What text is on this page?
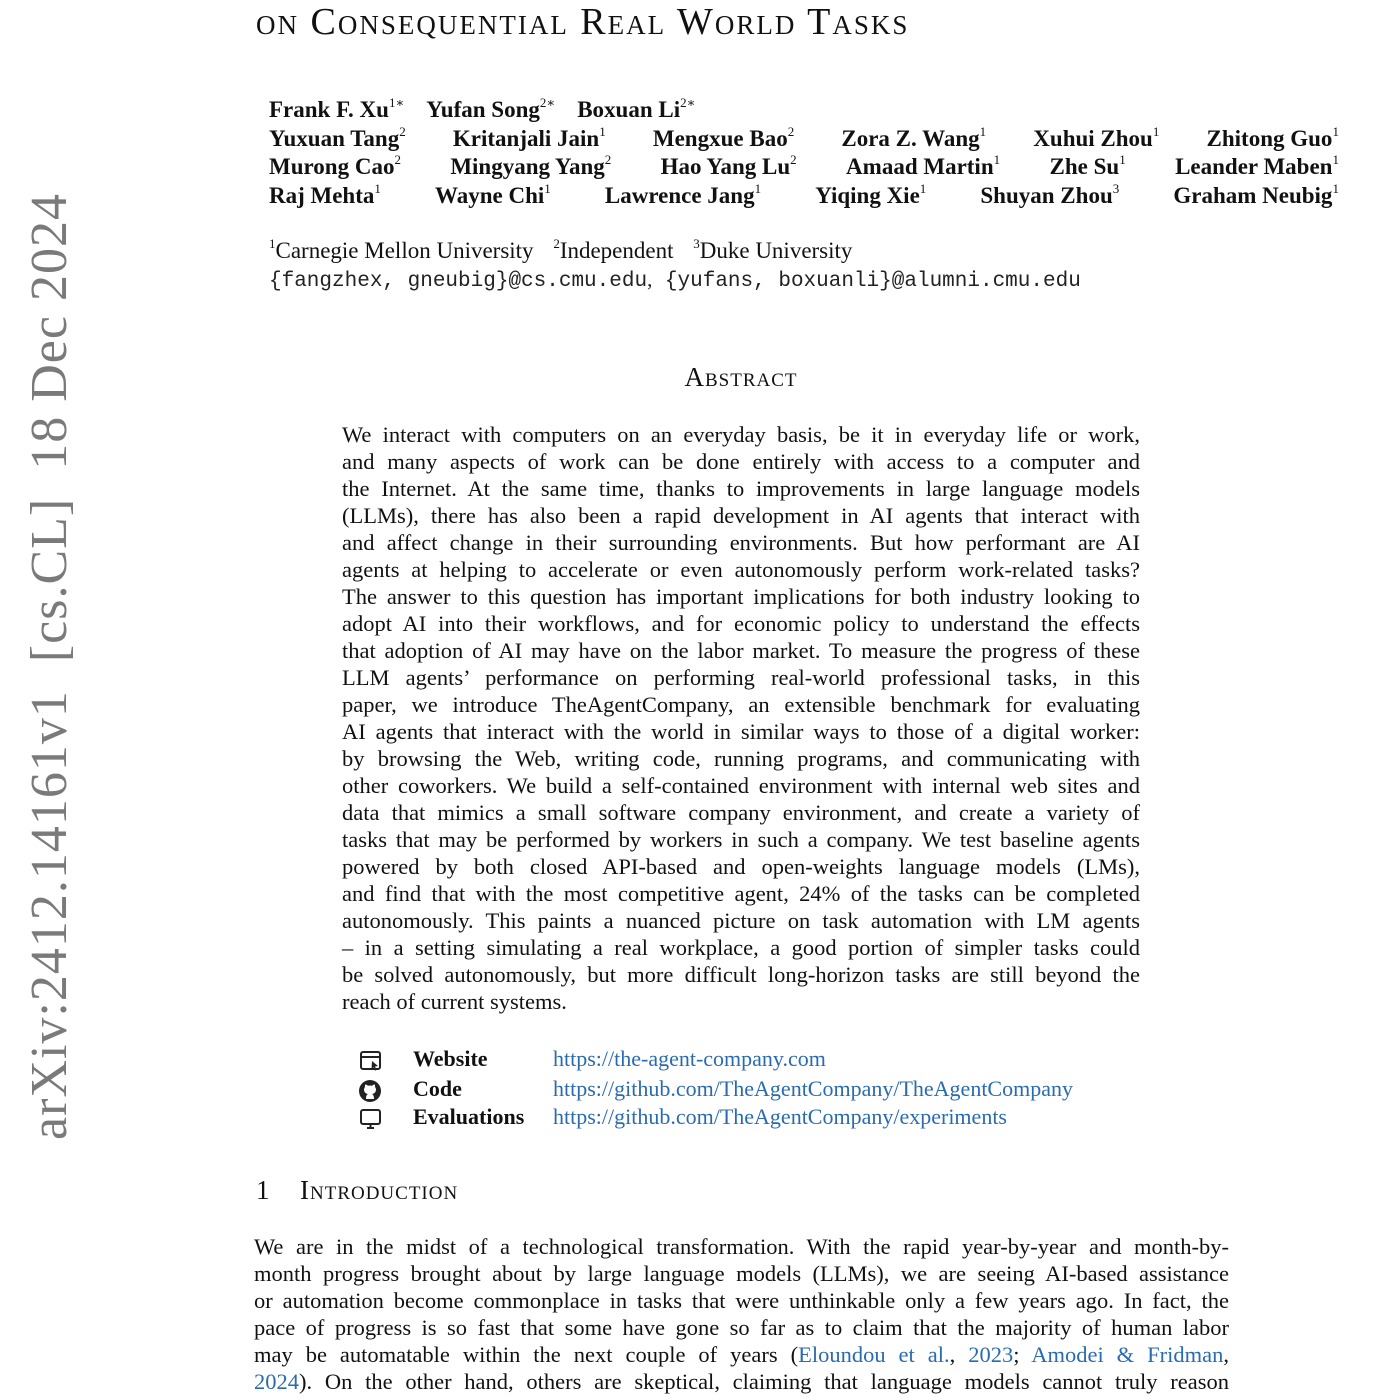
arXiv:2412.14161v1  [cs.CL]  18 Dec 2024
on Consequential Real World Tasks
Frank F. $Xu^{1∗}$ Yufan Song$^{2∗}$ Boxuan $Li^{2∗}$
Yuxuan Tang$^2$ Kritanjali Jain$^1$ Mengxue Bao$^2$ Zora Z. Wang$^1$ Xuhui Zhou$^1$ Zhitong Guo$^1$
Murong Cao$^2$ Mingyang Yang$^2$ Hao Yang Lu$^2$ Amaad Martin$^1$ Zhe Su$^1$ Leander Maben$^1$
Raj Mehta$^1$ Wayne Chi$^1$ Lawrence Jang$^1$ Yiqing Xie$^1$ Shuyan Zhou$^3$ Graham Neubig$^1$
$^1$Carnegie Mellon University $^2$Independent $^3$Duke University
{fangzhex, gneubig}@cs.cmu.edu, {yufans, boxuanli}@alumni.cmu.edu
Abstract
We interact with computers on an everyday basis, be it in everyday life or work,
and many aspects of work can be done entirely with access to a computer and
the Internet. At the same time, thanks to improvements in large language models
(LLMs), there has also been a rapid development in AI agents that interact with
and affect change in their surrounding environments. But how performant are AI
agents at helping to accelerate or even autonomously perform work-related tasks?
The answer to this question has important implications for both industry looking to
adopt AI into their workflows, and for economic policy to understand the effects
that adoption of AI may have on the labor market. To measure the progress of these
LLM agents’ performance on performing real-world professional tasks, in this
paper, we introduce TheAgentCompany, an extensible benchmark for evaluating
AI agents that interact with the world in similar ways to those of a digital worker:
by browsing the Web, writing code, running programs, and communicating with
other coworkers. We build a self-contained environment with internal web sites and
data that mimics a small software company environment, and create a variety of
tasks that may be performed by workers in such a company. We test baseline agents
powered by both closed API-based and open-weights language models (LMs),
and find that with the most competitive agent, 24% of the tasks can be completed
autonomously. This paints a nuanced picture on task automation with LM agents
– in a setting simulating a real workplace, a good portion of simpler tasks could
be solved autonomously, but more difficult long-horizon tasks are still beyond the
reach of current systems.
Website	https://the-agent-company.com
Code	https://github.com/TheAgentCompany/TheAgentCompany
Evaluations https://github.com/TheAgentCompany/experiments
1 Introduction
We are in the midst of a technological transformation. With the rapid year-by-year and month-by-
month progress brought about by large language models (LLMs), we are seeing AI-based assistance
or automation become commonplace in tasks that were unthinkable only a few years ago. In fact, the
pace of progress is so fast that some have gone so far as to claim that the majority of human labor
may be automatable within the next couple of years (Eloundou et al., 2023; Amodei & Fridman,
2024). On the other hand, others are skeptical, claiming that language models cannot truly reason
